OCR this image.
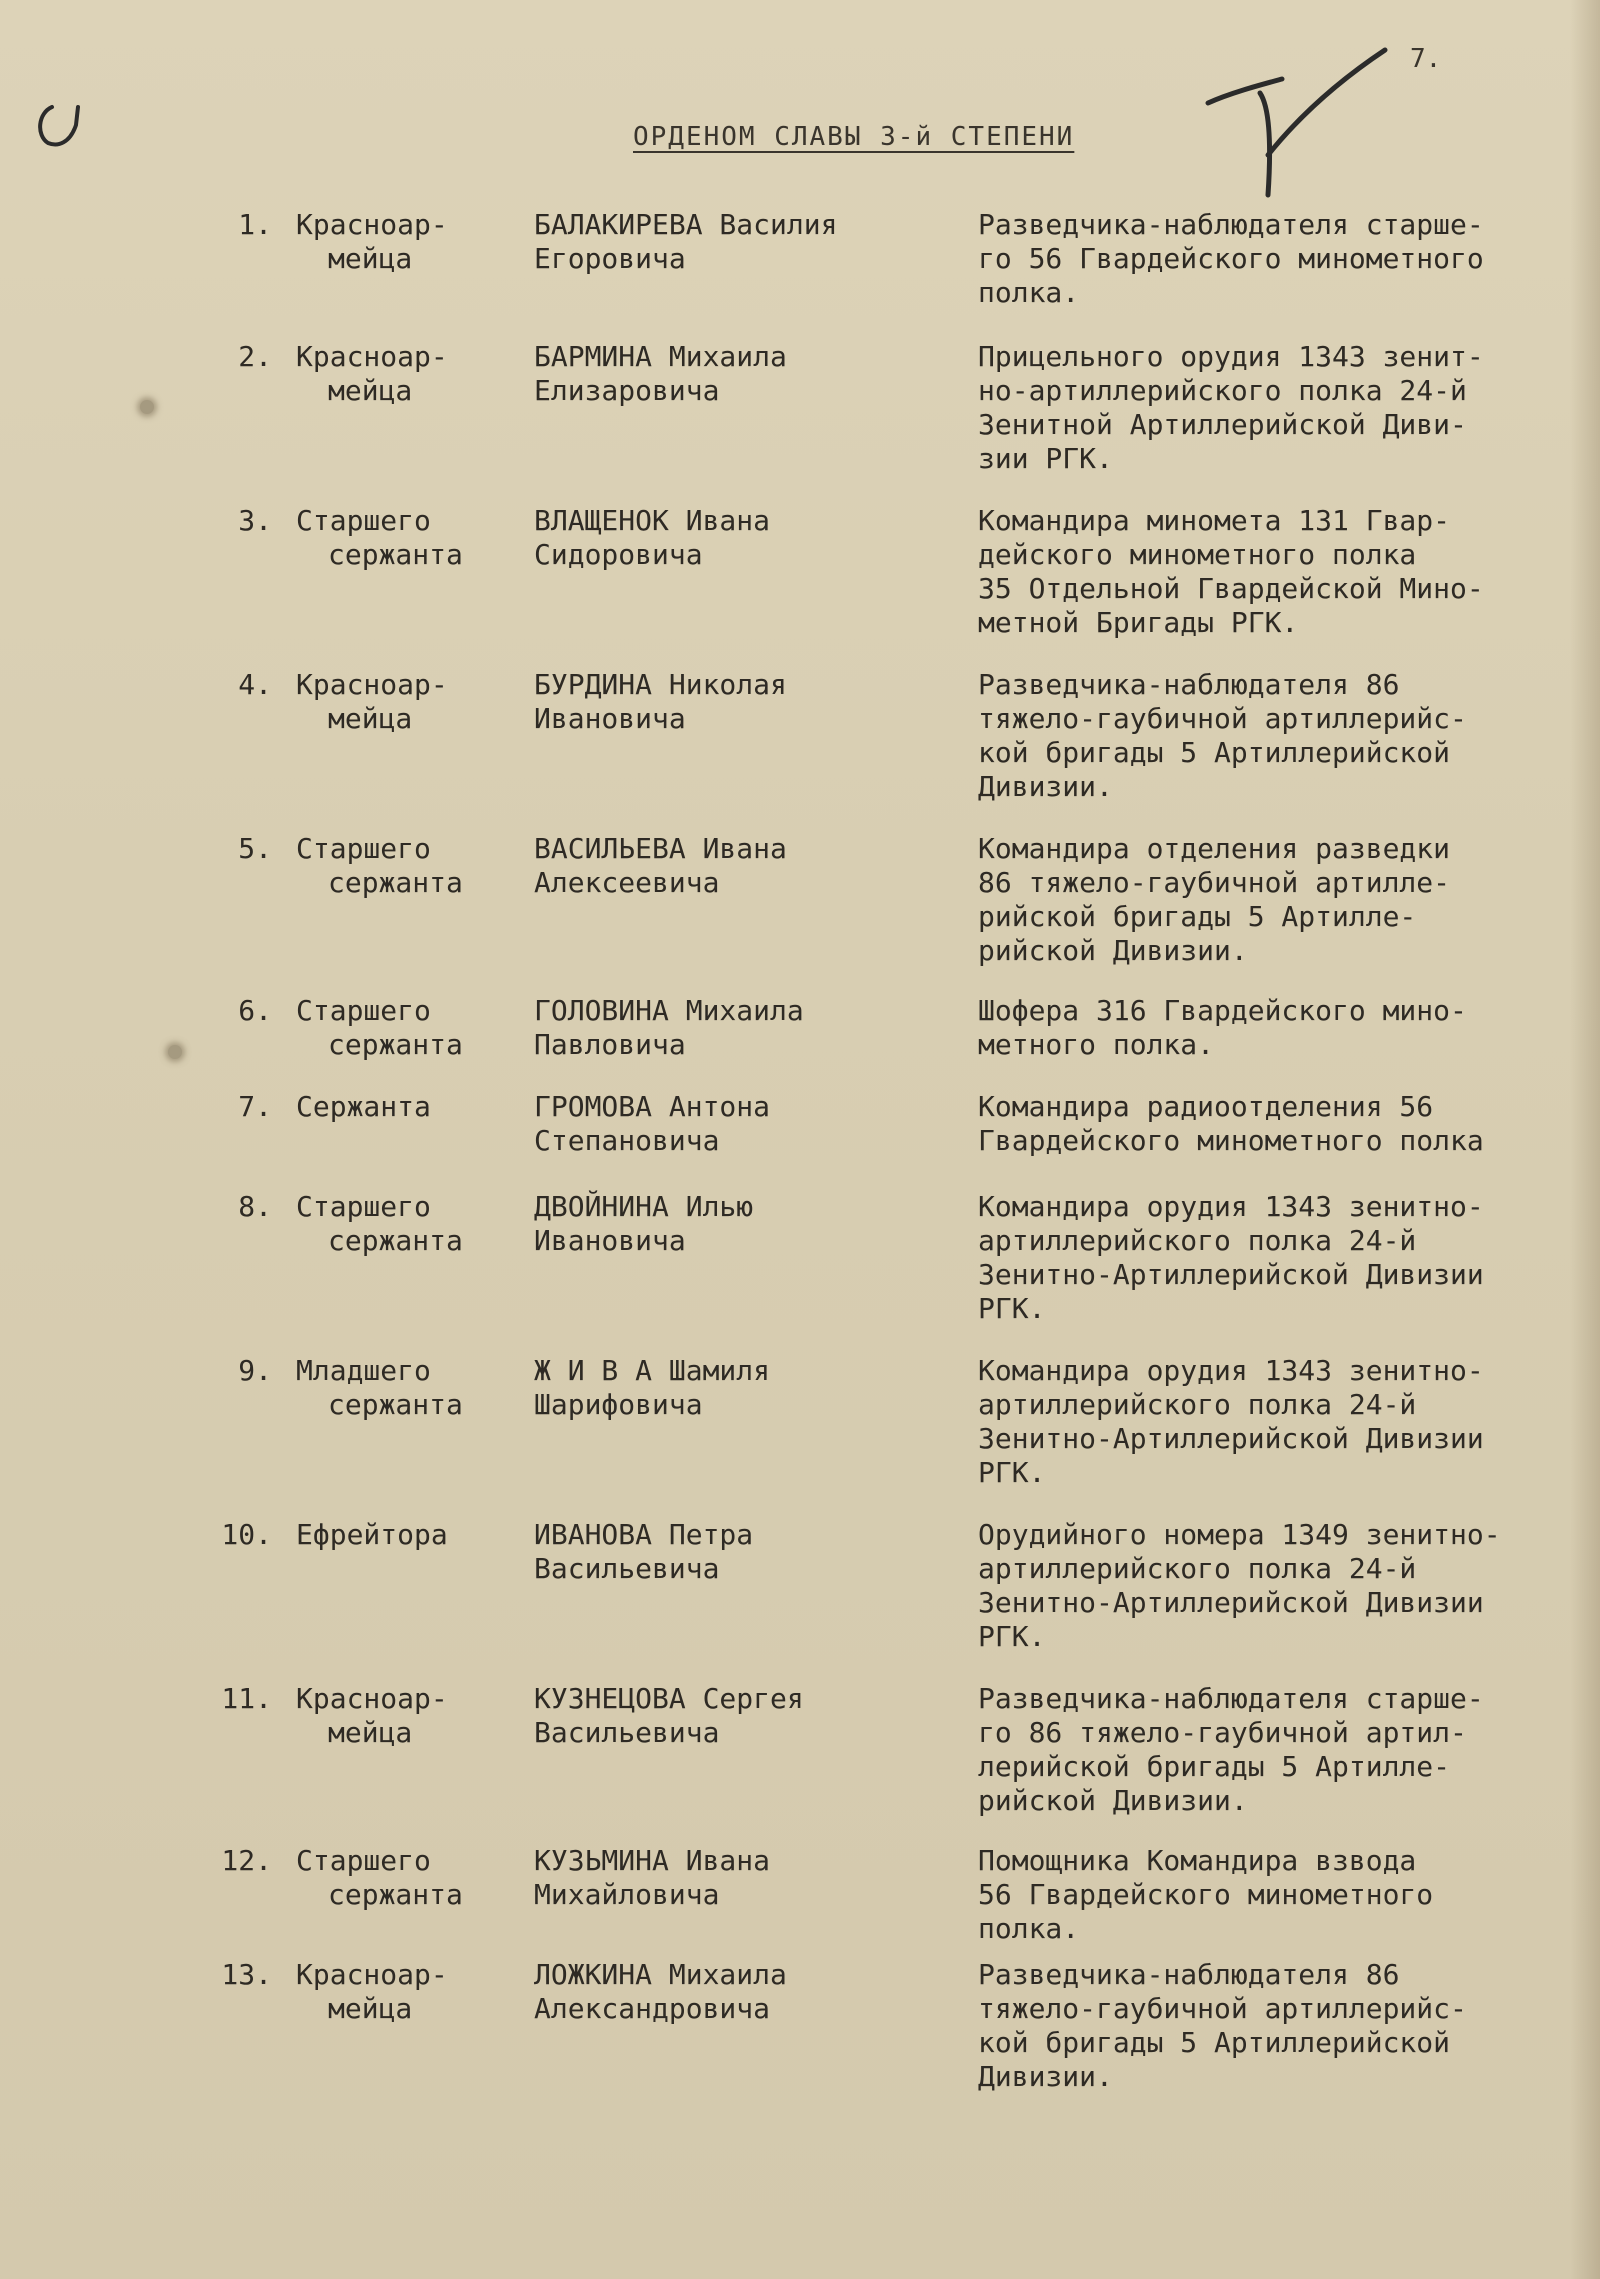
7.
ОРДЕНОМ СЛАВЫ 3-й СТЕПЕНИ
1. Красноар-
мейца
БАЛАКИРЕВА Василия
Егоровича
Разведчика-наблюдателя старше-
го 56 Гвардейского минометного
полка.
2. Красноар-
мейца
БАРМИНА Михаила
Елизаровича
Прицельного орудия 1343 зенит-
но-артиллерийского полка 24-й
Зенитной Артиллерийской Диви-
зии РГК.
3. Старшего
сержанта
ВЛАЩЕНОК Ивана
Сидоровича
Командира миномета 131 Гвар-
дейского минометного полка
35 Отдельной Гвардейской Мино-
метной Бригады РГК.
4. Красноар-
мейца
БУРДИНА Николая
Ивановича
Разведчика-наблюдателя 86
тяжело-гаубичной артиллерийс-
кой бригады 5 Артиллерийской
Дивизии.
5. Старшего
сержанта
ВАСИЛЬЕВА Ивана
Алексеевича
Командира отделения разведки
86 тяжело-гаубичной артилле-
рийской бригады 5 Артилле-
рийской Дивизии.
6. Старшего
сержанта
ГОЛОВИНА Михаила
Павловича
Шофера 316 Гвардейского мино-
метного полка.
7. Сержанта	ГРОМОВА Антона
Степановича
Командира радиоотделения 56
Гвардейского минометного полка
8. Старшего
сержанта
ДВОЙНИНА Илью
Ивановича
Командира орудия 1343 зенитно-
артиллерийского полка 24-й
Зенитно-Артиллерийской Дивизии
РГК.
9. Младшего
сержанта
Ж И В А Шамиля
Шарифовича
Командира орудия 1343 зенитно-
артиллерийского полка 24-й
Зенитно-Артиллерийской Дивизии
РГК.
10. Ефрейтора	ИВАНОВА Петра
Васильевича
Орудийного номера 1349 зенитно-
артиллерийского полка 24-й
Зенитно-Артиллерийской Дивизии
РГК.
11. Красноар-
мейца
КУЗНЕЦОВА Сергея
Васильевича
Разведчика-наблюдателя старше-
го 86 тяжело-гаубичной артил-
лерийской бригады 5 Артилле-
рийской Дивизии.
12. Старшего
сержанта
КУЗЬМИНА Ивана
Михайловича
Помощника Командира взвода
56 Гвардейского минометного
полка.
13. Красноар-
мейца
ЛОЖКИНА Михаила
Александровича
Разведчика-наблюдателя 86
тяжело-гаубичной артиллерийс-
кой бригады 5 Артиллерийской
Дивизии.
